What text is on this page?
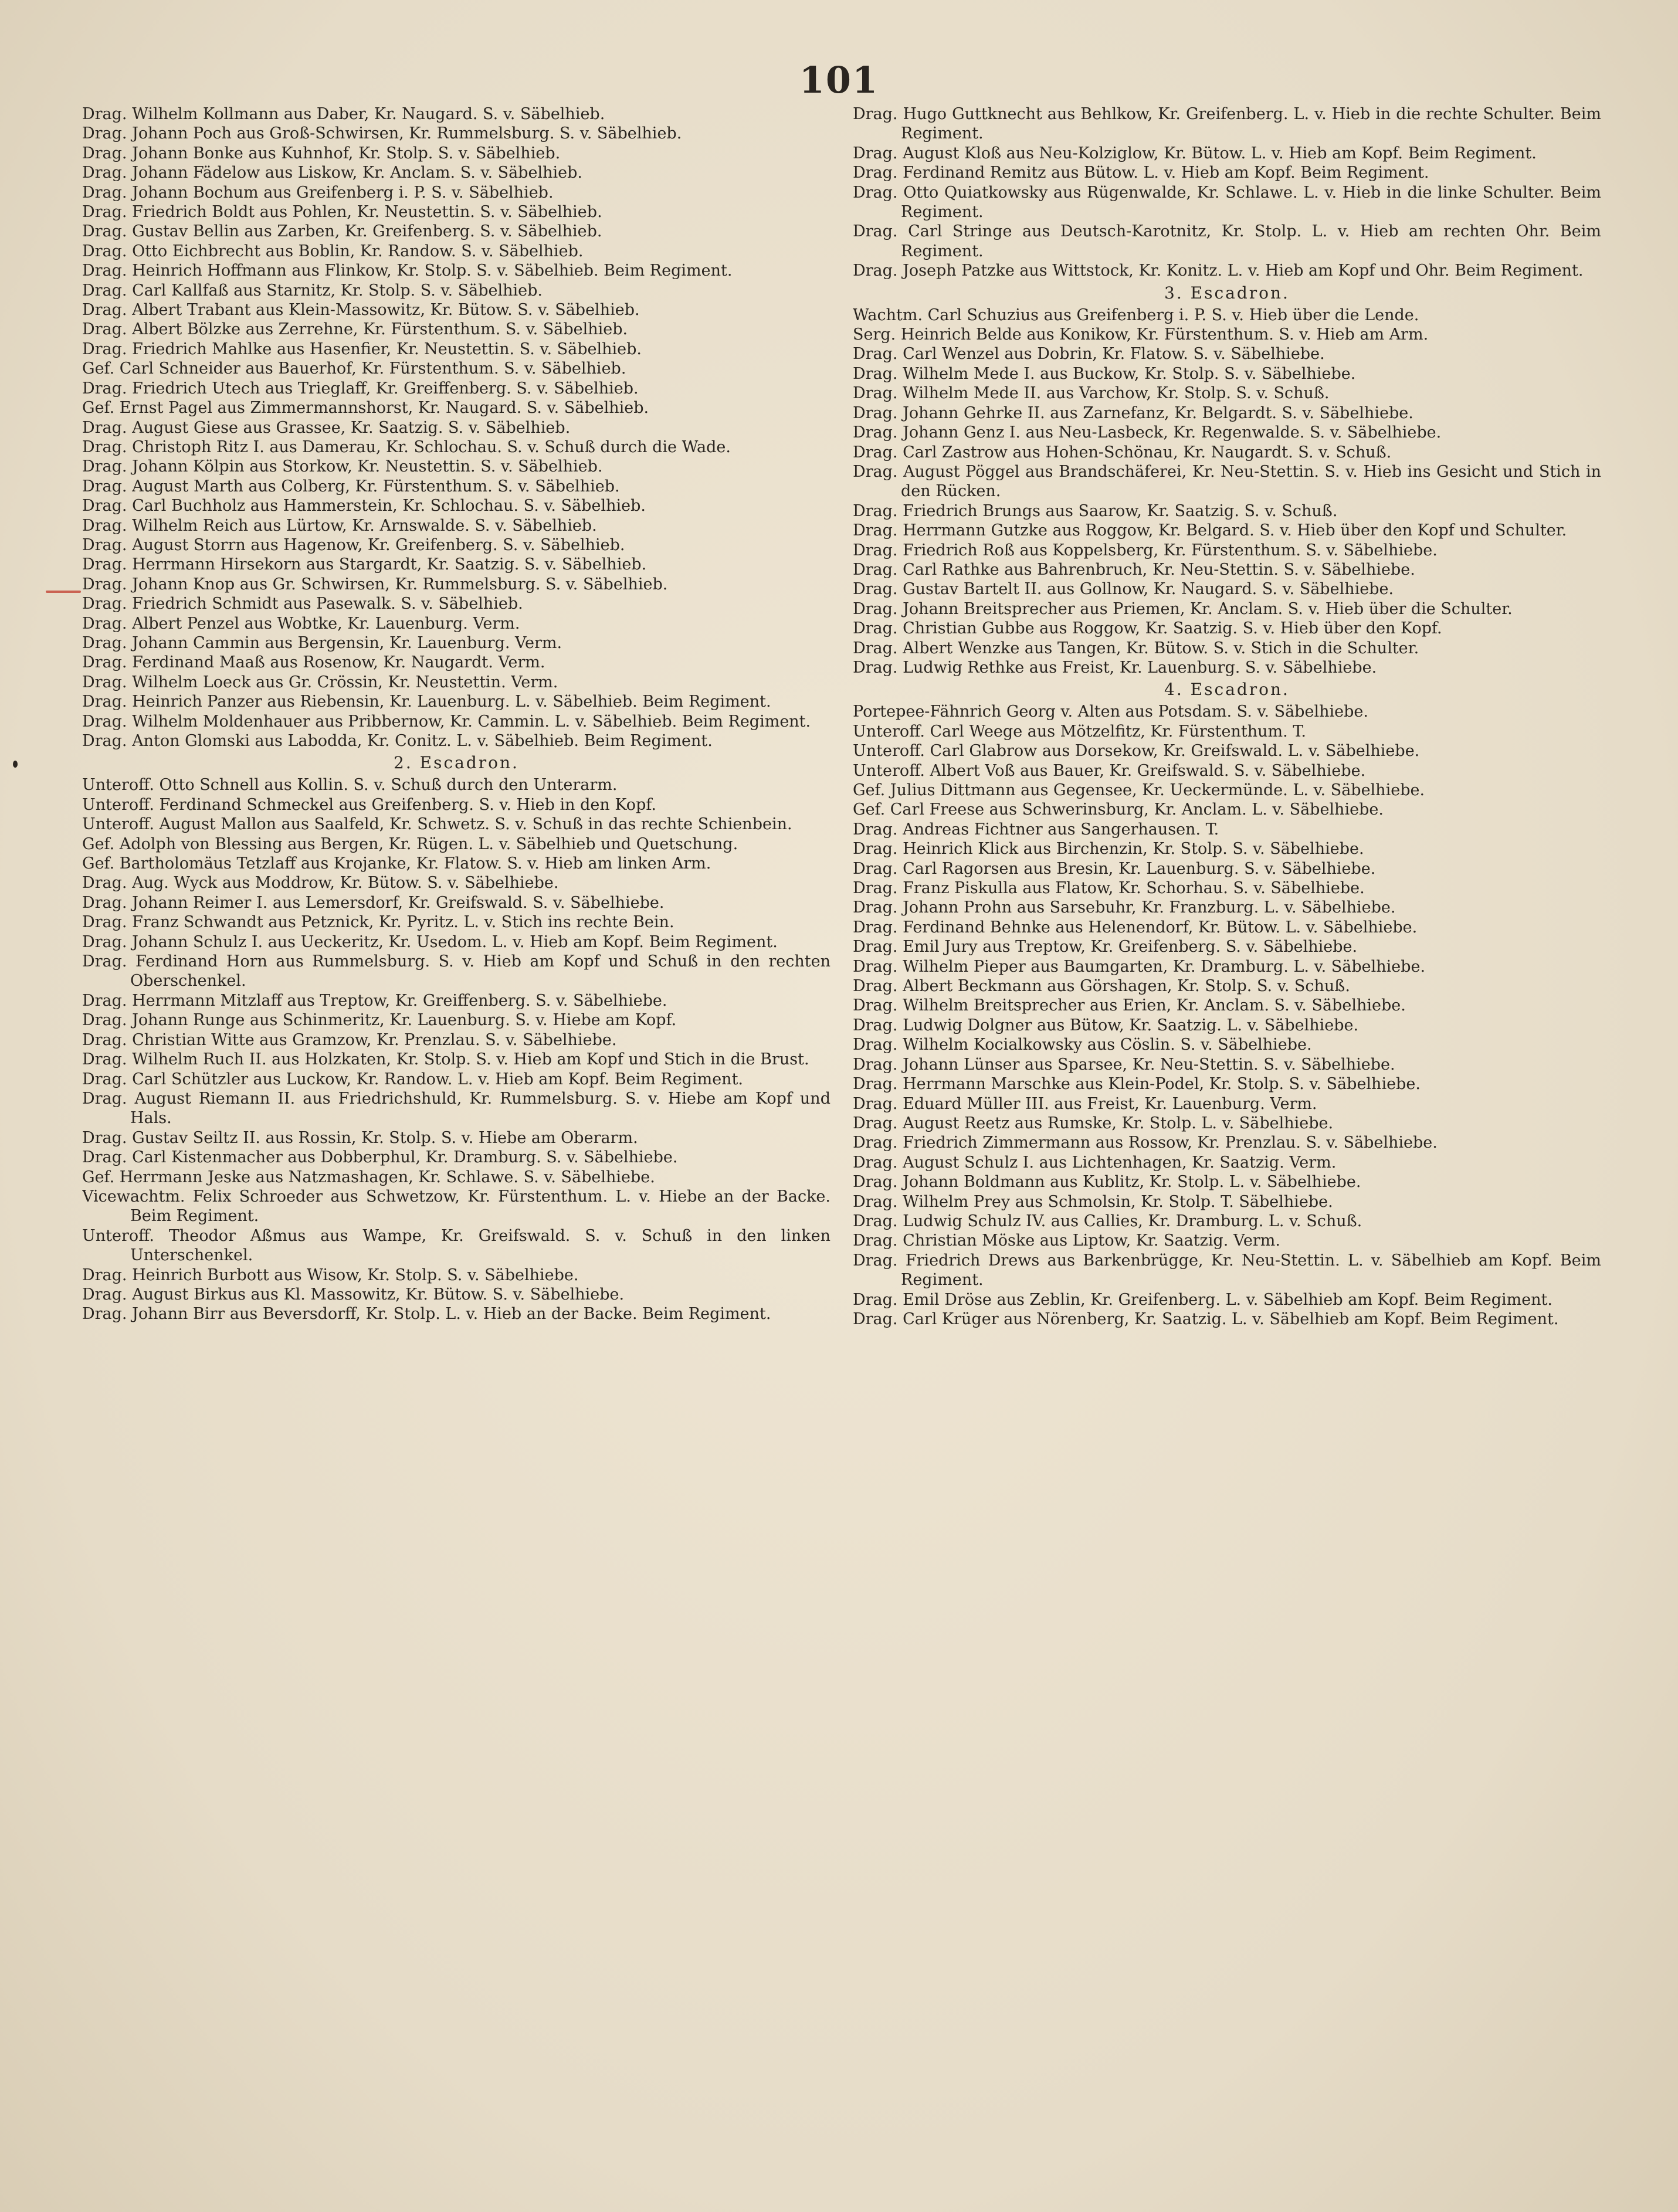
101

Drag. Wilhelm Kollmann aus Daber, Kr. Naugard. S. v. Säbelhieb.

Drag. Johann Poch aus Groß-Schwirsen, Kr. Rummelsburg. S. v. Säbelhieb.

Drag. Johann Bonke aus Kuhnhof, Kr. Stolp. S. v. Säbelhieb.

Drag. Johann Fädelow aus Liskow, Kr. Anclam. S. v. Säbelhieb.

Drag. Johann Bochum aus Greifenberg i. P. S. v. Säbelhieb.

Drag. Friedrich Boldt aus Pohlen, Kr. Neustettin. S. v. Säbelhieb.

Drag. Gustav Bellin aus Zarben, Kr. Greifenberg. S. v. Säbelhieb.

Drag. Otto Eichbrecht aus Boblin, Kr. Randow. S. v. Säbelhieb.

Drag. Heinrich Hoffmann aus Flinkow, Kr. Stolp. S. v. Säbelhieb. Beim Regiment.

Drag. Carl Kallfaß aus Starnitz, Kr. Stolp. S. v. Säbelhieb.

Drag. Albert Trabant aus Klein-Massowitz, Kr. Bütow. S. v. Säbelhieb.

Drag. Albert Bölzke aus Zerrehne, Kr. Fürstenthum. S. v. Säbelhieb.

Drag. Friedrich Mahlke aus Hasenfier, Kr. Neustettin. S. v. Säbelhieb.

Gef. Carl Schneider aus Bauerhof, Kr. Fürstenthum. S. v. Säbelhieb.

Drag. Friedrich Utech aus Trieglaff, Kr. Greiffenberg. S. v. Säbelhieb.

Gef. Ernst Pagel aus Zimmermannshorst, Kr. Naugard. S. v. Säbelhieb.

Drag. August Giese aus Grassee, Kr. Saatzig. S. v. Säbelhieb.

Drag. Christoph Ritz I. aus Damerau, Kr. Schlochau. S. v. Schuß durch die Wade.

Drag. Johann Kölpin aus Storkow, Kr. Neustettin. S. v. Säbelhieb.

Drag. August Marth aus Colberg, Kr. Fürstenthum. S. v. Säbelhieb.

Drag. Carl Buchholz aus Hammerstein, Kr. Schlochau. S. v. Säbelhieb.

Drag. Wilhelm Reich aus Lürtow, Kr. Arnswalde. S. v. Säbelhieb.

Drag. August Storrn aus Hagenow, Kr. Greifenberg. S. v. Säbelhieb.

Drag. Herrmann Hirsekorn aus Stargardt, Kr. Saatzig. S. v. Säbelhieb.

Drag. Johann Knop aus Gr. Schwirsen, Kr. Rummelsburg. S. v. Säbelhieb.

Drag. Friedrich Schmidt aus Pasewalk. S. v. Säbelhieb.

Drag. Albert Penzel aus Wobtke, Kr. Lauenburg. Verm.

Drag. Johann Cammin aus Bergensin, Kr. Lauenburg. Verm.

Drag. Ferdinand Maaß aus Rosenow, Kr. Naugardt. Verm.

Drag. Wilhelm Loeck aus Gr. Crössin, Kr. Neustettin. Verm.

Drag. Heinrich Panzer aus Riebensin, Kr. Lauenburg. L. v. Säbelhieb. Beim Regiment.

Drag. Wilhelm Moldenhauer aus Pribbernow, Kr. Cammin. L. v. Säbelhieb. Beim Regiment.

Drag. Anton Glomski aus Labodda, Kr. Conitz. L. v. Säbelhieb. Beim Regiment.

2. Escadron.

Unteroff. Otto Schnell aus Kollin. S. v. Schuß durch den Unterarm.

Unteroff. Ferdinand Schmeckel aus Greifenberg. S. v. Hieb in den Kopf.

Unteroff. August Mallon aus Saalfeld, Kr. Schwetz. S. v. Schuß in das rechte Schienbein.

Gef. Adolph von Blessing aus Bergen, Kr. Rügen. L. v. Säbelhieb und Quetschung.

Gef. Bartholomäus Tetzlaff aus Krojanke, Kr. Flatow. S. v. Hieb am linken Arm.

Drag. Aug. Wyck aus Moddrow, Kr. Bütow. S. v. Säbelhiebe.

Drag. Johann Reimer I. aus Lemersdorf, Kr. Greifswald. S. v. Säbelhiebe.

Drag. Franz Schwandt aus Petznick, Kr. Pyritz. L. v. Stich ins rechte Bein.

Drag. Johann Schulz I. aus Ueckeritz, Kr. Usedom. L. v. Hieb am Kopf. Beim Regiment.

Drag. Ferdinand Horn aus Rummelsburg. S. v. Hieb am Kopf und Schuß in den rechten Oberschenkel.

Drag. Herrmann Mitzlaff aus Treptow, Kr. Greiffenberg. S. v. Säbelhiebe.

Drag. Johann Runge aus Schinmeritz, Kr. Lauenburg. S. v. Hiebe am Kopf.

Drag. Christian Witte aus Gramzow, Kr. Prenzlau. S. v. Säbelhiebe.

Drag. Wilhelm Ruch II. aus Holzkaten, Kr. Stolp. S. v. Hieb am Kopf und Stich in die Brust.

Drag. Carl Schützler aus Luckow, Kr. Randow. L. v. Hieb am Kopf. Beim Regiment.

Drag. August Riemann II. aus Friedrichshuld, Kr. Rummelsburg. S. v. Hiebe am Kopf und Hals.

Drag. Gustav Seiltz II. aus Rossin, Kr. Stolp. S. v. Hiebe am Oberarm.

Drag. Carl Kistenmacher aus Dobberphul, Kr. Dramburg. S. v. Säbelhiebe.

Gef. Herrmann Jeske aus Natzmashagen, Kr. Schlawe. S. v. Säbelhiebe.

Vicewachtm. Felix Schroeder aus Schwetzow, Kr. Fürstenthum. L. v. Hiebe an der Backe. Beim Regiment.

Unteroff. Theodor Aßmus aus Wampe, Kr. Greifswald. S. v. Schuß in den linken Unterschenkel.

Drag. Heinrich Burbott aus Wisow, Kr. Stolp. S. v. Säbelhiebe.

Drag. August Birkus aus Kl. Massowitz, Kr. Bütow. S. v. Säbelhiebe.

Drag. Johann Birr aus Beversdorff, Kr. Stolp. L. v. Hieb an der Backe. Beim Regiment.

Drag. Hugo Guttknecht aus Behlkow, Kr. Greifenberg. L. v. Hieb in die rechte Schulter. Beim Regiment.

Drag. August Kloß aus Neu-Kolziglow, Kr. Bütow. L. v. Hieb am Kopf. Beim Regiment.

Drag. Ferdinand Remitz aus Bütow. L. v. Hieb am Kopf. Beim Regiment.

Drag. Otto Quiatkowsky aus Rügenwalde, Kr. Schlawe. L. v. Hieb in die linke Schulter. Beim Regiment.

Drag. Carl Stringe aus Deutsch-Karotnitz, Kr. Stolp. L. v. Hieb am rechten Ohr. Beim Regiment.

Drag. Joseph Patzke aus Wittstock, Kr. Konitz. L. v. Hieb am Kopf und Ohr. Beim Regiment.

3. Escadron.

Wachtm. Carl Schuzius aus Greifenberg i. P. S. v. Hieb über die Lende.

Serg. Heinrich Belde aus Konikow, Kr. Fürstenthum. S. v. Hieb am Arm.

Drag. Carl Wenzel aus Dobrin, Kr. Flatow. S. v. Säbelhiebe.

Drag. Wilhelm Mede I. aus Buckow, Kr. Stolp. S. v. Säbelhiebe.

Drag. Wilhelm Mede II. aus Varchow, Kr. Stolp. S. v. Schuß.

Drag. Johann Gehrke II. aus Zarnefanz, Kr. Belgardt. S. v. Säbelhiebe.

Drag. Johann Genz I. aus Neu-Lasbeck, Kr. Regenwalde. S. v. Säbelhiebe.

Drag. Carl Zastrow aus Hohen-Schönau, Kr. Naugardt. S. v. Schuß.

Drag. August Pöggel aus Brandschäferei, Kr. Neu-Stettin. S. v. Hieb ins Gesicht und Stich in den Rücken.

Drag. Friedrich Brungs aus Saarow, Kr. Saatzig. S. v. Schuß.

Drag. Herrmann Gutzke aus Roggow, Kr. Belgard. S. v. Hieb über den Kopf und Schulter.

Drag. Friedrich Roß aus Koppelsberg, Kr. Fürstenthum. S. v. Säbelhiebe.

Drag. Carl Rathke aus Bahrenbruch, Kr. Neu-Stettin. S. v. Säbelhiebe.

Drag. Gustav Bartelt II. aus Gollnow, Kr. Naugard. S. v. Säbelhiebe.

Drag. Johann Breitsprecher aus Priemen, Kr. Anclam. S. v. Hieb über die Schulter.

Drag. Christian Gubbe aus Roggow, Kr. Saatzig. S. v. Hieb über den Kopf.

Drag. Albert Wenzke aus Tangen, Kr. Bütow. S. v. Stich in die Schulter.

Drag. Ludwig Rethke aus Freist, Kr. Lauenburg. S. v. Säbelhiebe.

4. Escadron.

Portepee-Fähnrich Georg v. Alten aus Potsdam. S. v. Säbelhiebe.

Unteroff. Carl Weege aus Mötzelfitz, Kr. Fürstenthum. T.

Unteroff. Carl Glabrow aus Dorsekow, Kr. Greifswald. L. v. Säbelhiebe.

Unteroff. Albert Voß aus Bauer, Kr. Greifswald. S. v. Säbelhiebe.

Gef. Julius Dittmann aus Gegensee, Kr. Ueckermünde. L. v. Säbelhiebe.

Gef. Carl Freese aus Schwerinsburg, Kr. Anclam. L. v. Säbelhiebe.

Drag. Andreas Fichtner aus Sangerhausen. T.

Drag. Heinrich Klick aus Birchenzin, Kr. Stolp. S. v. Säbelhiebe.

Drag. Carl Ragorsen aus Bresin, Kr. Lauenburg. S. v. Säbelhiebe.

Drag. Franz Piskulla aus Flatow, Kr. Schorhau. S. v. Säbelhiebe.

Drag. Johann Prohn aus Sarsebuhr, Kr. Franzburg. L. v. Säbelhiebe.

Drag. Ferdinand Behnke aus Helenendorf, Kr. Bütow. L. v. Säbelhiebe.

Drag. Emil Jury aus Treptow, Kr. Greifenberg. S. v. Säbelhiebe.

Drag. Wilhelm Pieper aus Baumgarten, Kr. Dramburg. L. v. Säbelhiebe.

Drag. Albert Beckmann aus Görshagen, Kr. Stolp. S. v. Schuß.

Drag. Wilhelm Breitsprecher aus Erien, Kr. Anclam. S. v. Säbelhiebe.

Drag. Ludwig Dolgner aus Bütow, Kr. Saatzig. L. v. Säbelhiebe.

Drag. Wilhelm Kocialkowsky aus Cöslin. S. v. Säbelhiebe.

Drag. Johann Lünser aus Sparsee, Kr. Neu-Stettin. S. v. Säbelhiebe.

Drag. Herrmann Marschke aus Klein-Podel, Kr. Stolp. S. v. Säbelhiebe.

Drag. Eduard Müller III. aus Freist, Kr. Lauenburg. Verm.

Drag. August Reetz aus Rumske, Kr. Stolp. L. v. Säbelhiebe.

Drag. Friedrich Zimmermann aus Rossow, Kr. Prenzlau. S. v. Säbelhiebe.

Drag. August Schulz I. aus Lichtenhagen, Kr. Saatzig. Verm.

Drag. Johann Boldmann aus Kublitz, Kr. Stolp. L. v. Säbelhiebe.

Drag. Wilhelm Prey aus Schmolsin, Kr. Stolp. T. Säbelhiebe.

Drag. Ludwig Schulz IV. aus Callies, Kr. Dramburg. L. v. Schuß.

Drag. Christian Möske aus Liptow, Kr. Saatzig. Verm.

Drag. Friedrich Drews aus Barkenbrügge, Kr. Neu-Stettin. L. v. Säbelhieb am Kopf. Beim Regiment.

Drag. Emil Dröse aus Zeblin, Kr. Greifenberg. L. v. Säbelhieb am Kopf. Beim Regiment.

Drag. Carl Krüger aus Nörenberg, Kr. Saatzig. L. v. Säbelhieb am Kopf. Beim Regiment.
